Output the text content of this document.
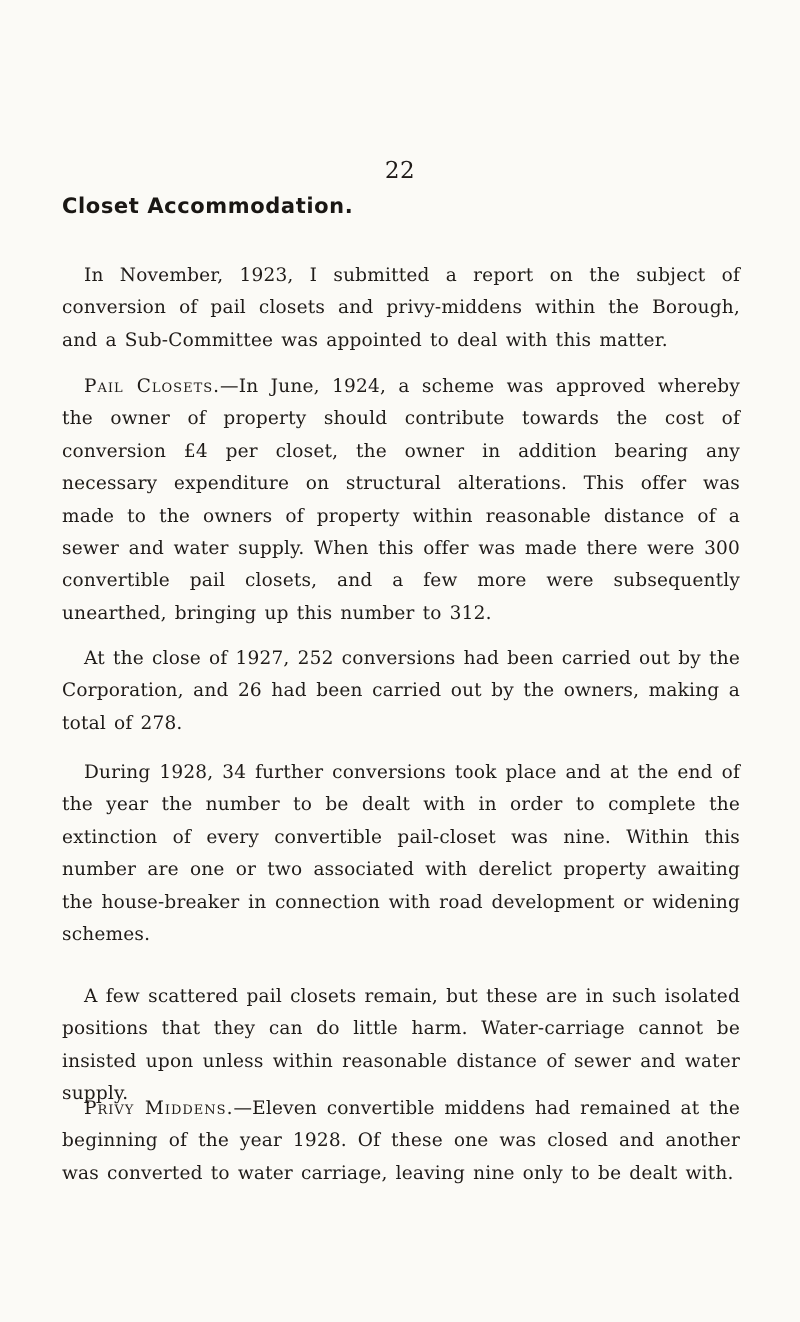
22
Closet Accommodation.

In November, 1923, I submitted a report on the subject of conversion of pail closets and privy-middens within the Borough, and a Sub-Committee was appointed to deal with this matter.

Pail Closets.—In June, 1924, a scheme was approved whereby the owner of property should contribute towards the cost of conversion £4 per closet, the owner in addition bearing any necessary expenditure on structural alterations. This offer was made to the owners of property within reasonable distance of a sewer and water supply. When this offer was made there were 300 convertible pail closets, and a few more were subsequently unearthed, bringing up this number to 312.

At the close of 1927, 252 conversions had been carried out by the Corporation, and 26 had been carried out by the owners, making a total of 278.

During 1928, 34 further conversions took place and at the end of the year the number to be dealt with in order to complete the extinction of every convertible pail-closet was nine. Within this number are one or two associated with derelict property awaiting the house-breaker in connection with road development or widening schemes.

A few scattered pail closets remain, but these are in such isolated positions that they can do little harm. Water-carriage cannot be insisted upon unless within reasonable distance of sewer and water supply.

Privy Middens.—Eleven convertible middens had remained at the beginning of the year 1928. Of these one was closed and another was converted to water carriage, leaving nine only to be dealt with.
